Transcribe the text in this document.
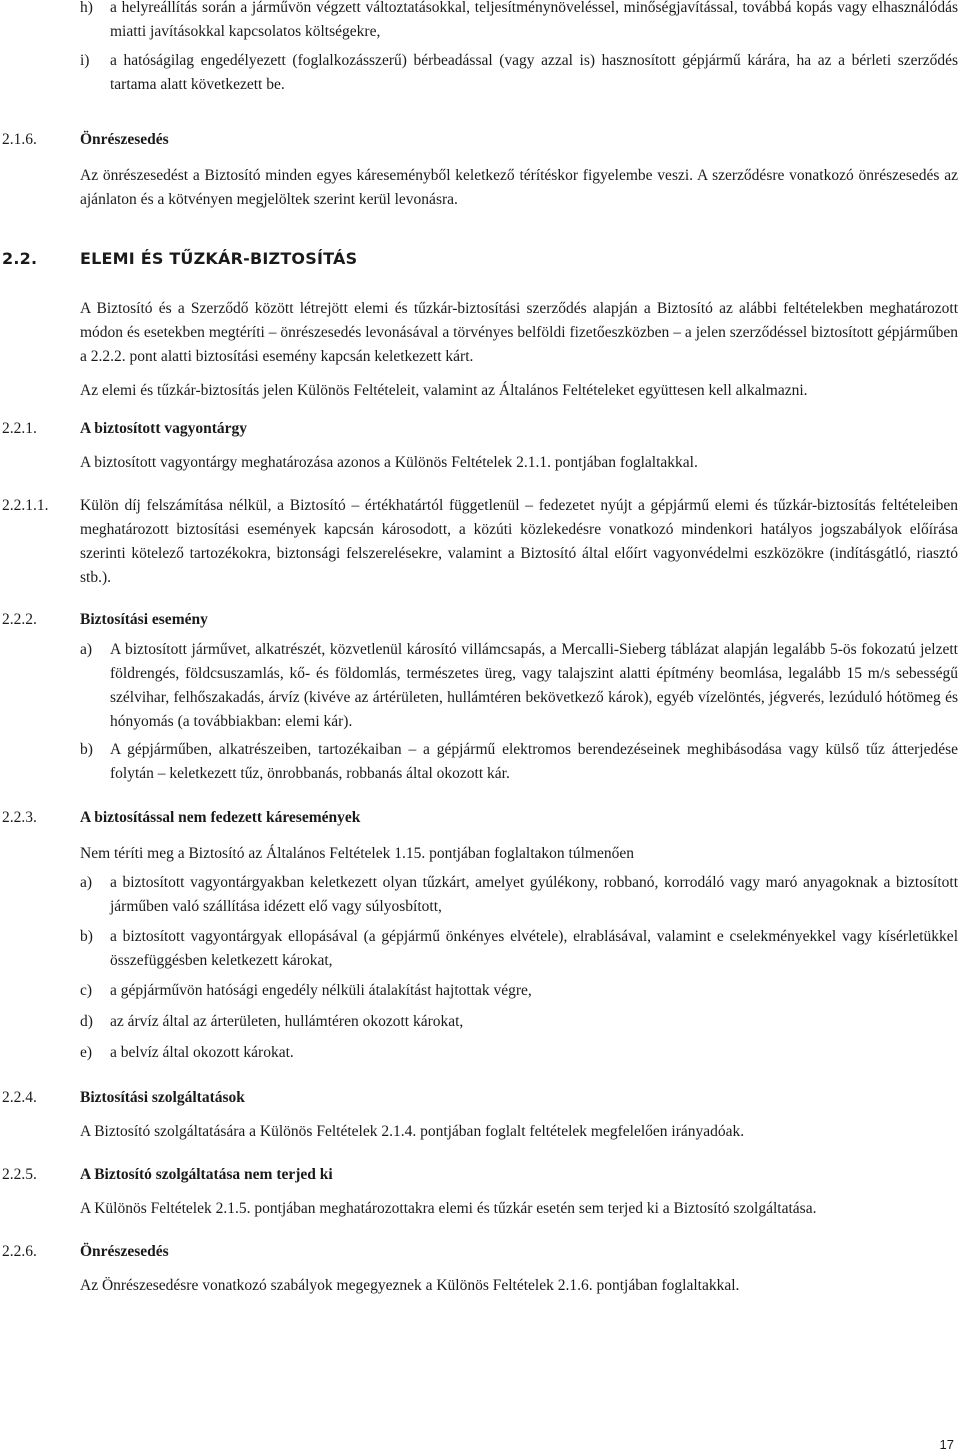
h) a helyreállítás során a járművön végzett változtatásokkal, teljesítménynöveléssel, minőségjavítással, továbbá kopás vagy elhasználódás miatti javításokkal kapcsolatos költségekre,
i) a hatóságilag engedélyezett (foglalkozásszerű) bérbeadással (vagy azzal is) hasznosított gépjármű kárára, ha az a bérleti szerződés tartama alatt következett be.
2.1.6.	Önrészesedés
Az önrészesedést a Biztosító minden egyes káreseményből keletkező térítéskor figyelembe veszi. A szerződésre vonatkozó önrészesedés az ajánlaton és a kötvényen megjelöltek szerint kerül levonásra.
2.2.	ELEMI ÉS TŰZKÁR-BIZTOSÍTÁS
A Biztosító és a Szerződő között létrejött elemi és tűzkár-biztosítási szerződés alapján a Biztosító az alábbi feltételekben meghatározott módon és esetekben megtéríti – önrészesedés levonásával a törvényes belföldi fizetőeszközben – a jelen szerződéssel biztosított gépjárműben a 2.2.2. pont alatti biztosítási esemény kapcsán keletkezett kárt.
Az elemi és tűzkár-biztosítás jelen Különös Feltételeit, valamint az Általános Feltételeket együttesen kell alkalmazni.
2.2.1.	A biztosított vagyontárgy
A biztosított vagyontárgy meghatározása azonos a Különös Feltételek 2.1.1. pontjában foglaltakkal.
2.2.1.1. Külön díj felszámítása nélkül, a Biztosító – értékhatártól függetlenül – fedezetet nyújt a gépjármű elemi és tűzkár-biztosítás feltételeiben meghatározott biztosítási események kapcsán károsodott, a közúti közlekedésre vonatkozó mindenkori hatályos jogszabályok előírása szerinti kötelező tartozékokra, biztonsági felszerelésekre, valamint a Biztosító által előírt vagyonvédelmi eszközökre (indításgátló, riasztó stb.).
2.2.2.	Biztosítási esemény
a) A biztosított járművet, alkatrészét, közvetlenül károsító villámcsapás, a Mercalli-Sieberg táblázat alapján legalább 5-ös fokozatú jelzett földrengés, földcsuszamlás, kő- és földomlás, természetes üreg, vagy talajszint alatti építmény beomlása, legalább 15 m/s sebességű szélvihar, felhőszakadás, árvíz (kivéve az ártérületen, hullámtéren bekövetkező károk), egyéb vízelöntés, jégverés, lezúduló hótömeg és hónyomás (a továbbiakban: elemi kár).
b) A gépjárműben, alkatrészeiben, tartozékaiban – a gépjármű elektromos berendezéseinek meghibásodása vagy külső tűz átterjedése folytán – keletkezett tűz, önrobbanás, robbanás által okozott kár.
2.2.3.	A biztosítással nem fedezett káresemények
Nem téríti meg a Biztosító az Általános Feltételek 1.15. pontjában foglaltakon túlmenően
a) a biztosított vagyontárgyakban keletkezett olyan tűzkárt, amelyet gyúlékony, robbanó, korrodáló vagy maró anyagoknak a biztosított járműben való szállítása idézett elő vagy súlyosbított,
b) a biztosított vagyontárgyak ellopásával (a gépjármű önkényes elvétele), elrablásával, valamint e cselekményekkel vagy kísérletükkel összefüggésben keletkezett károkat,
c) a gépjárművön hatósági engedély nélküli átalakítást hajtottak végre,
d) az árvíz által az árterületen, hullámtéren okozott károkat,
e) a belvíz által okozott károkat.
2.2.4.	Biztosítási szolgáltatások
A Biztosító szolgáltatására a Különös Feltételek 2.1.4. pontjában foglalt feltételek megfelelően irányadóak.
2.2.5.	A Biztosító szolgáltatása nem terjed ki
A Különös Feltételek 2.1.5. pontjában meghatározottakra elemi és tűzkár esetén sem terjed ki a Biztosító szolgáltatása.
2.2.6.	Önrészesedés
Az Önrészesedésre vonatkozó szabályok megegyeznek a Különös Feltételek 2.1.6. pontjában foglaltakkal.
17
